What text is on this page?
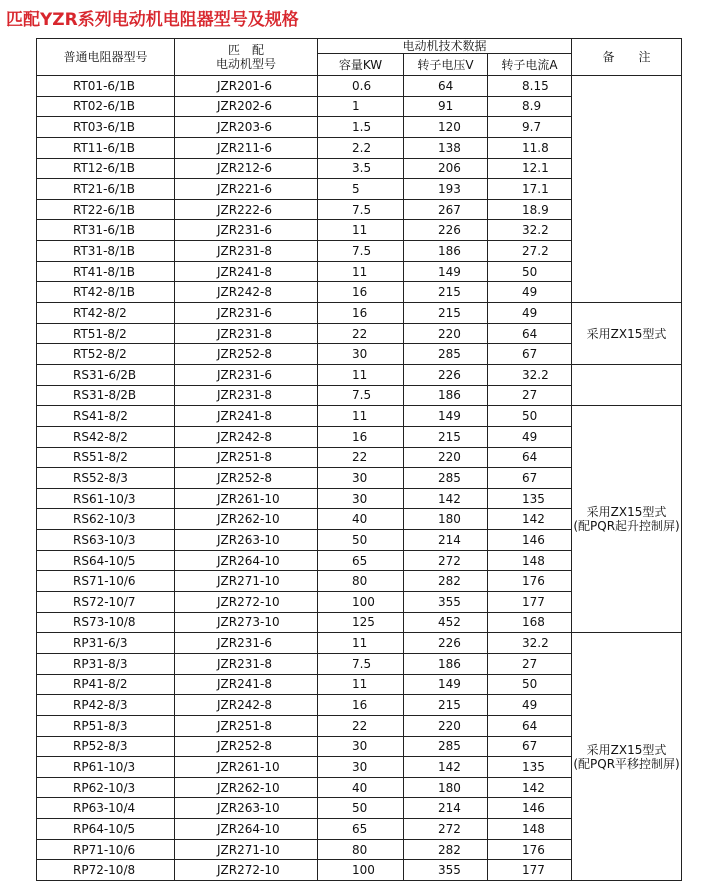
匹配YZR系列电动机电阻器型号及规格
普通电阻器型号	匹　配
电动机型号	电动机技术数据			备　　注
		容量KW	转子电压V	转子电流A	
RT01-6/1B	JZR201-6	0.6	64	8.15	
RT02-6/1B	JZR202-6	1	91	8.9	
RT03-6/1B	JZR203-6	1.5	120	9.7	
RT11-6/1B	JZR211-6	2.2	138	11.8	
RT12-6/1B	JZR212-6	3.5	206	12.1	
RT21-6/1B	JZR221-6	5	193	17.1	
RT22-6/1B	JZR222-6	7.5	267	18.9	
RT31-6/1B	JZR231-6	11	226	32.2	
RT31-8/1B	JZR231-8	7.5	186	27.2	
RT41-8/1B	JZR241-8	11	149	50	
RT42-8/1B	JZR242-8	16	215	49	
RT42-8/2	JZR231-6	16	215	49	采用ZX15型式

RT51-8/2	JZR231-8	22	220	64	
RT52-8/2	JZR252-8	30	285	67	
RS31-6/2B	JZR231-6	11	226	32.2	
RS31-8/2B	JZR231-8	7.5	186	27	
RS41-8/2	JZR241-8	11	149	50	采用ZX15型式
(配PQR起升控制屏)

RS42-8/2	JZR242-8	16	215	49	
RS51-8/2	JZR251-8	22	220	64	
RS52-8/3	JZR252-8	30	285	67	
RS61-10/3	JZR261-10	30	142	135	
RS62-10/3	JZR262-10	40	180	142	
RS63-10/3	JZR263-10	50	214	146	
RS64-10/5	JZR264-10	65	272	148	
RS71-10/6	JZR271-10	80	282	176	
RS72-10/7	JZR272-10	100	355	177	
RS73-10/8	JZR273-10	125	452	168	
RP31-6/3	JZR231-6	11	226	32.2	采用ZX15型式
(配PQR平移控制屏)

RP31-8/3	JZR231-8	7.5	186	27	
RP41-8/2	JZR241-8	11	149	50	
RP42-8/3	JZR242-8	16	215	49	
RP51-8/3	JZR251-8	22	220	64	
RP52-8/3	JZR252-8	30	285	67	
RP61-10/3	JZR261-10	30	142	135	
RP62-10/3	JZR262-10	40	180	142	
RP63-10/4	JZR263-10	50	214	146	
RP64-10/5	JZR264-10	65	272	148	
RP71-10/6	JZR271-10	80	282	176	
RP72-10/8	JZR272-10	100	355	177	
